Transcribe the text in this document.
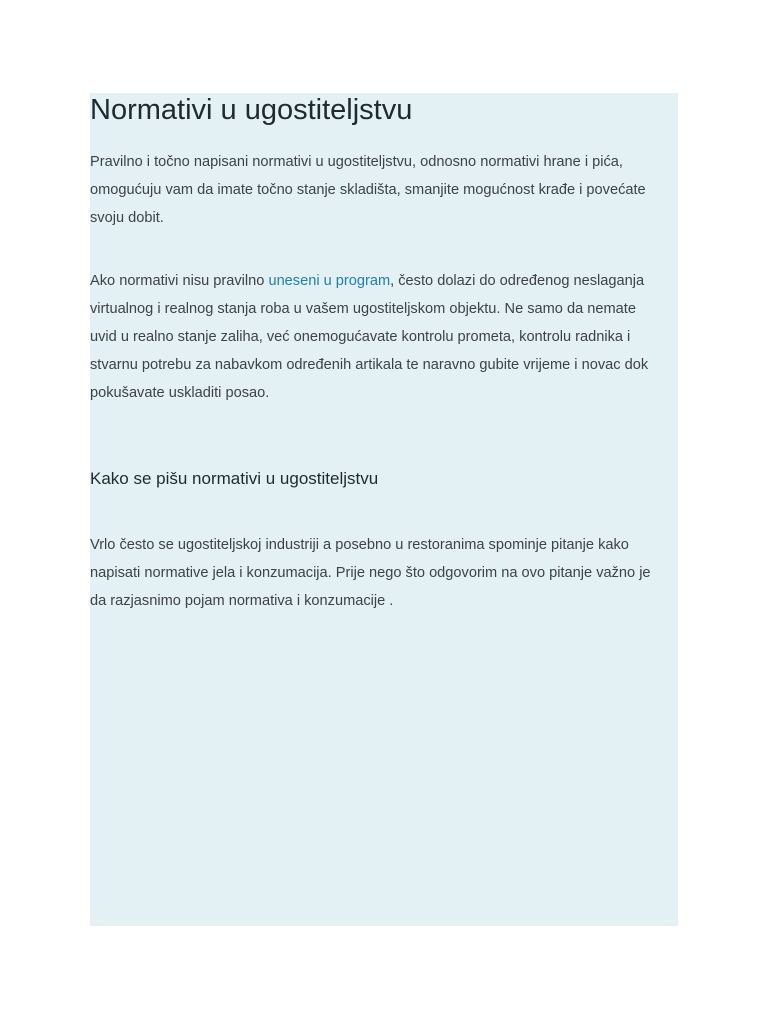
Normativi u ugostiteljstvu

Pravilno i točno napisani normativi u ugostiteljstvu, odnosno normativi hrane i pića,
omogućuju vam da imate točno stanje skladišta, smanjite mogućnost krađe i povećate
svoju dobit.

Ako normativi nisu pravilno uneseni u program, često dolazi do određenog neslaganja
virtualnog i realnog stanja roba u vašem ugostiteljskom objektu. Ne samo da nemate
uvid u realno stanje zaliha, već onemogućavate kontrolu prometa, kontrolu radnika i
stvarnu potrebu za nabavkom određenih artikala te naravno gubite vrijeme i novac dok
pokušavate uskladiti posao.

Kako se pišu normativi u ugostiteljstvu

Vrlo često se ugostiteljskoj industriji a posebno u restoranima spominje pitanje kako
napisati normative jela i konzumacija. Prije nego što odgovorim na ovo pitanje važno je
da razjasnimo pojam normativa i konzumacije .
